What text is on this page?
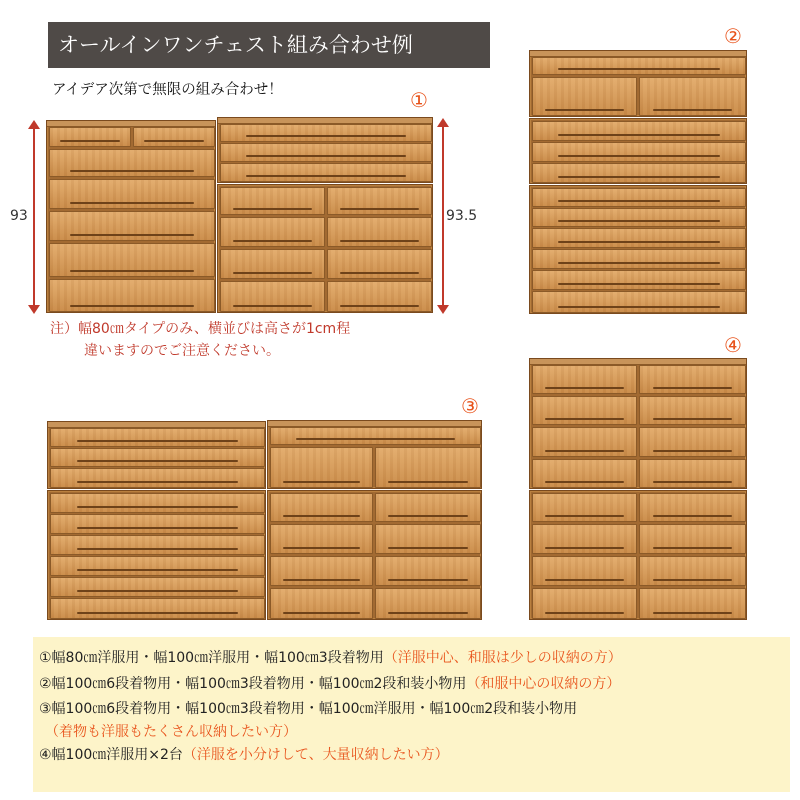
オールインワンチェスト組み合わせ例
アイデア次第で無限の組み合わせ！	①
93	93.5
注）幅80㎝タイプのみ、横並びは高さが1cm程
違いますのでご注意ください。
②
④
③
①幅80㎝洋服用・幅100㎝洋服用・幅100㎝3段着物用（洋服中心、和服は少しの収納の方）
②幅100㎝6段着物用・幅100㎝3段着物用・幅100㎝2段和装小物用（和服中心の収納の方）
③幅100㎝6段着物用・幅100㎝3段着物用・幅100㎝洋服用・幅100㎝2段和装小物用
（着物も洋服もたくさん収納したい方）
④幅100㎝洋服用×2台（洋服を小分けして、大量収納したい方）
